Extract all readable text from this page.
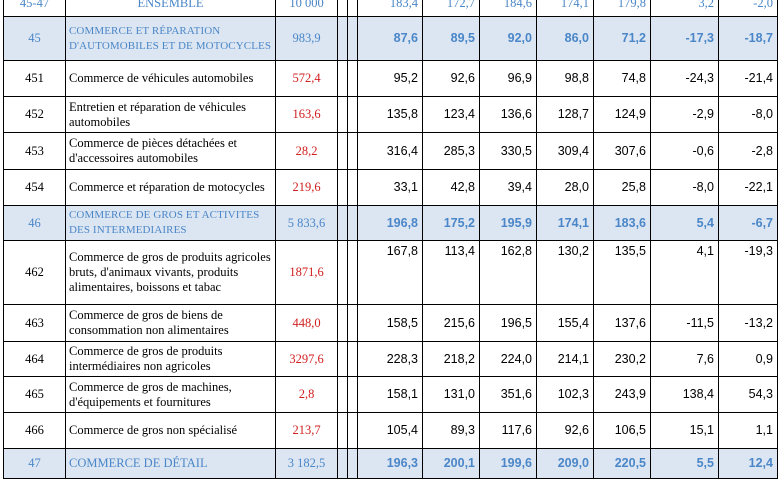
45-47	ENSEMBLE	10 000			183,4	172,7	184,6	174,1	179,8	3,2	-2,0
45	COMMERCE ET RÉPARATION D'AUTOMOBILES ET DE MOTOCYCLES	983,9			87,6	89,5	92,0	86,0	71,2	-17,3	-18,7
451	Commerce de véhicules automobiles	572,4			95,2	92,6	96,9	98,8	74,8	-24,3	-21,4
452	Entretien et réparation de véhicules automobiles	163,6			135,8	123,4	136,6	128,7	124,9	-2,9	-8,0
453	Commerce de pièces détachées et d'accessoires automobiles	28,2			316,4	285,3	330,5	309,4	307,6	-0,6	-2,8
454	Commerce et réparation de motocycles	219,6			33,1	42,8	39,4	28,0	25,8	-8,0	-22,1
46	COMMERCE DE GROS ET ACTIVITES DES INTERMEDIAIRES	5 833,6			196,8	175,2	195,9	174,1	183,6	5,4	-6,7
462	Commerce de gros de produits agricoles bruts, d'animaux vivants, produits alimentaires, boissons et tabac	1871,6			167,8	113,4	162,8	130,2	135,5	4,1	-19,3
463	Commerce de gros de biens de consommation non alimentaires	448,0			158,5	215,6	196,5	155,4	137,6	-11,5	-13,2
464	Commerce de gros de produits intermédiaires non agricoles	3297,6			228,3	218,2	224,0	214,1	230,2	7,6	0,9
465	Commerce de gros de machines, d'équipements et fournitures	2,8			158,1	131,0	351,6	102,3	243,9	138,4	54,3
466	Commerce de gros non spécialisé	213,7			105,4	89,3	117,6	92,6	106,5	15,1	1,1
47	COMMERCE DE DÉTAIL	3 182,5			196,3	200,1	199,6	209,0	220,5	5,5	12,4
